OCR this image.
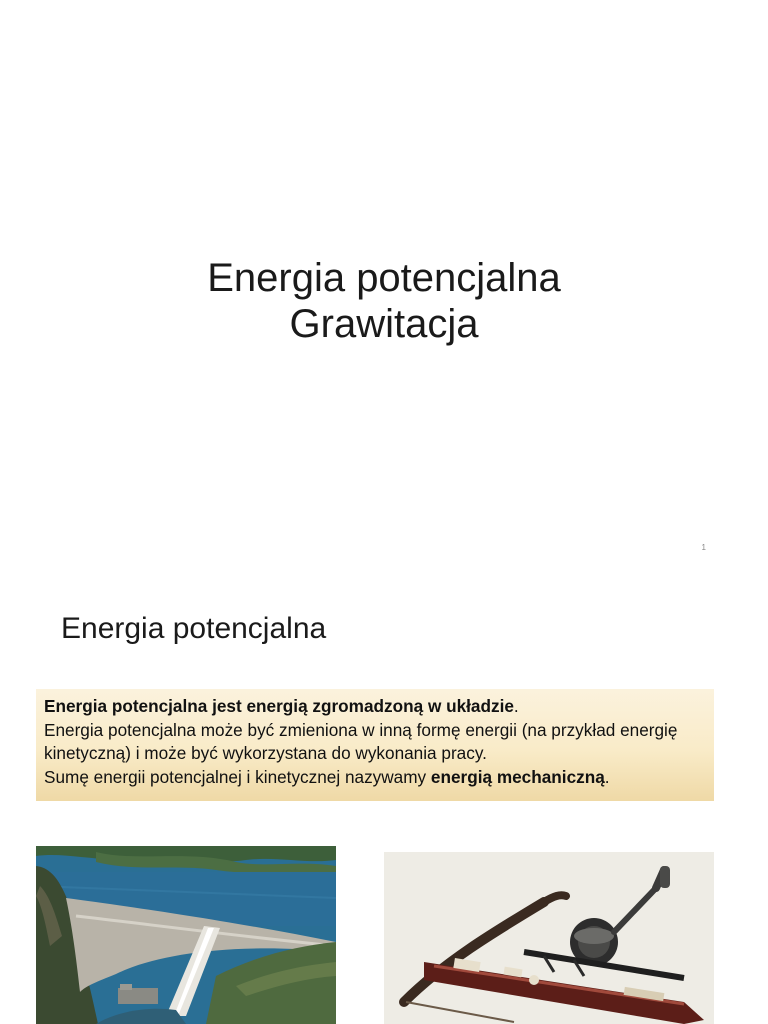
Energia potencjalna
Grawitacja
1
Energia potencjalna

Energia potencjalna jest energią zgromadzoną w układzie.

Energia potencjalna może być zmieniona w inną formę energii (na przykład energię kinetyczną) i może być wykorzystana do wykonania pracy.

Sumę energii potencjalnej i kinetycznej nazywamy energią mechaniczną.
